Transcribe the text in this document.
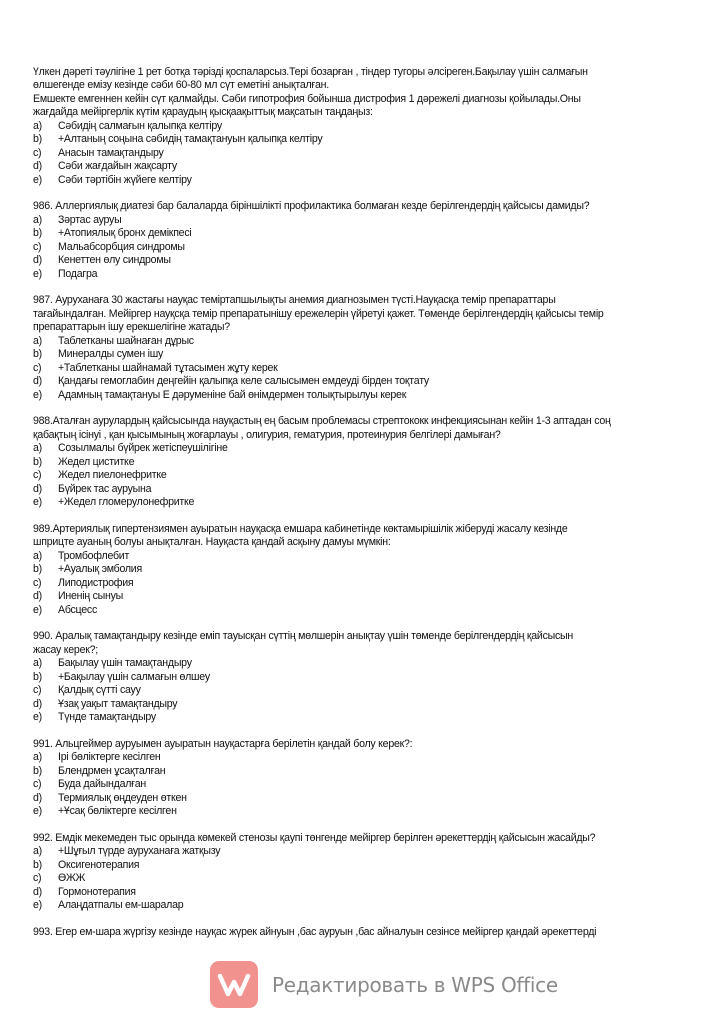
Үлкен дәреті тәулігіне 1 рет ботқа тәрізді қоспаларсыз.Тері бозарған , тіндер тугоры әлсіреген.Бақылау үшін салмағын
өлшегенде емізу кезінде сәби 60-80 мл сүт еметіні анықталған.
Емшекте емгеннен кейін сүт қалмайды. Сәби гипотрофия бойынша дистрофия 1 дәрежелі диагнозы қойылады.Оны
жағдайда мейіргерлік күтім қараудың қысқаақыттық мақсатын таңдаңыз:
a) Сәбидің салмағын қалыпқа келтіру
b) +Алтаның соңына сәбидің тамақтануын қалыпқа келтіру
c) Анасын тамақтандыру
d) Сәби жағдайын жақсарту
e) Сәби тәртібін жүйеге келтіру
986. Аллергиялық диатезі бар балаларда біріншілікті профилактика болмаған кезде берілгендердің қайсысы дамиды?
a) Зәртас ауруы
b) +Атопиялық бронх демікпесі
c) Мальабсорбция синдромы
d) Кенеттен өлу синдромы
e) Подагра
987. Ауруханаға 30 жастағы науқас темiртапшылықты анемия диагнозымен түсті.Науқасқа темір препараттары
тағайындалған. Мейіргер науқсқа темір препаратынішу ережелерін үйретуі қажет. Төменде берілгендердің қайсысы темір
препараттарын ішу ерекшелігіне жатады?
a) Таблетканы шайнаған дұрыс
b) Минералды сумен ішу
c) +Таблетканы шайнамай тұтасымен жұту керек
d) Қандағы гемоглабин деңгейін қалыпқа келе салысымен емдеуді бірден тоқтату
e) Адамның тамақтануы Е дәруменіне бай өнімдермен толықтырылуы керек
988.Аталған аурулардың қайсысында науқастың ең басым проблемасы стрептококк инфекциясынан кейін 1-3 аптадан соң
қабақтың ісінуі , қан қысымының жоғарлауы , олигурия, гематурия, протеинурия белгілері дамыған?
a) Созылмалы бүйрек жетіспеушілігіне
b) Жедел циститке
c) Жедел пиелонефритке
d) Бүйрек тас ауруына
e) +Жедел гломерулонефритке
989.Артериялық гипертензиямен ауыратын науқасқа емшара кабинетінде көктамырішілік жіберуді жасалу кезінде
шприцте ауаның болуы анықталған. Науқаста қандай асқыну дамуы мүмкін:
a) Тромбофлебит
b) +Ауалық эмболия
c) Липодистрофия
d) Иненің сынуы
e) Абсцесс
990. Аралық тамақтандыру кезінде еміп тауысқан сүттің мөлшерін анықтау үшін төменде берілгендердің қайсысын
жасау керек?;
a) Бақылау үшін тамақтандыру
b) +Бақылау үшін салмағын өлшеу
c) Қалдық сүтті сауу
d) Ұзақ уақыт тамақтандыру
e) Түнде тамақтандыру
991. Альцгеймер ауруымен ауыратын науқастарға берілетін қандай болу керек?:
a) Ірі бөліктерге кесілген
b) Блендрмен ұсақталған
c) Буда дайындалған
d) Термиялық өңдеуден өткен
e) +Ұсақ бөліктерге кесілген
992. Емдік мекемеден тыс орында көмекей стенозы қаупі төнгенде мейіргер берілген әрекеттердің қайсысын жасайды?
a) +Шұғыл түрде ауруханаға жатқызу
b) Оксигенотерапия
c) ӨЖЖ
d) Гормонотерапия
e) Алаңдатпалы ем-шаралар
993. Егер ем-шара жүргізу кезінде науқас жүрек айнуын ,бас ауруын ,бас айналуын сезінсе мейіргер қандай әрекеттерді
Редактировать в WPS Office
